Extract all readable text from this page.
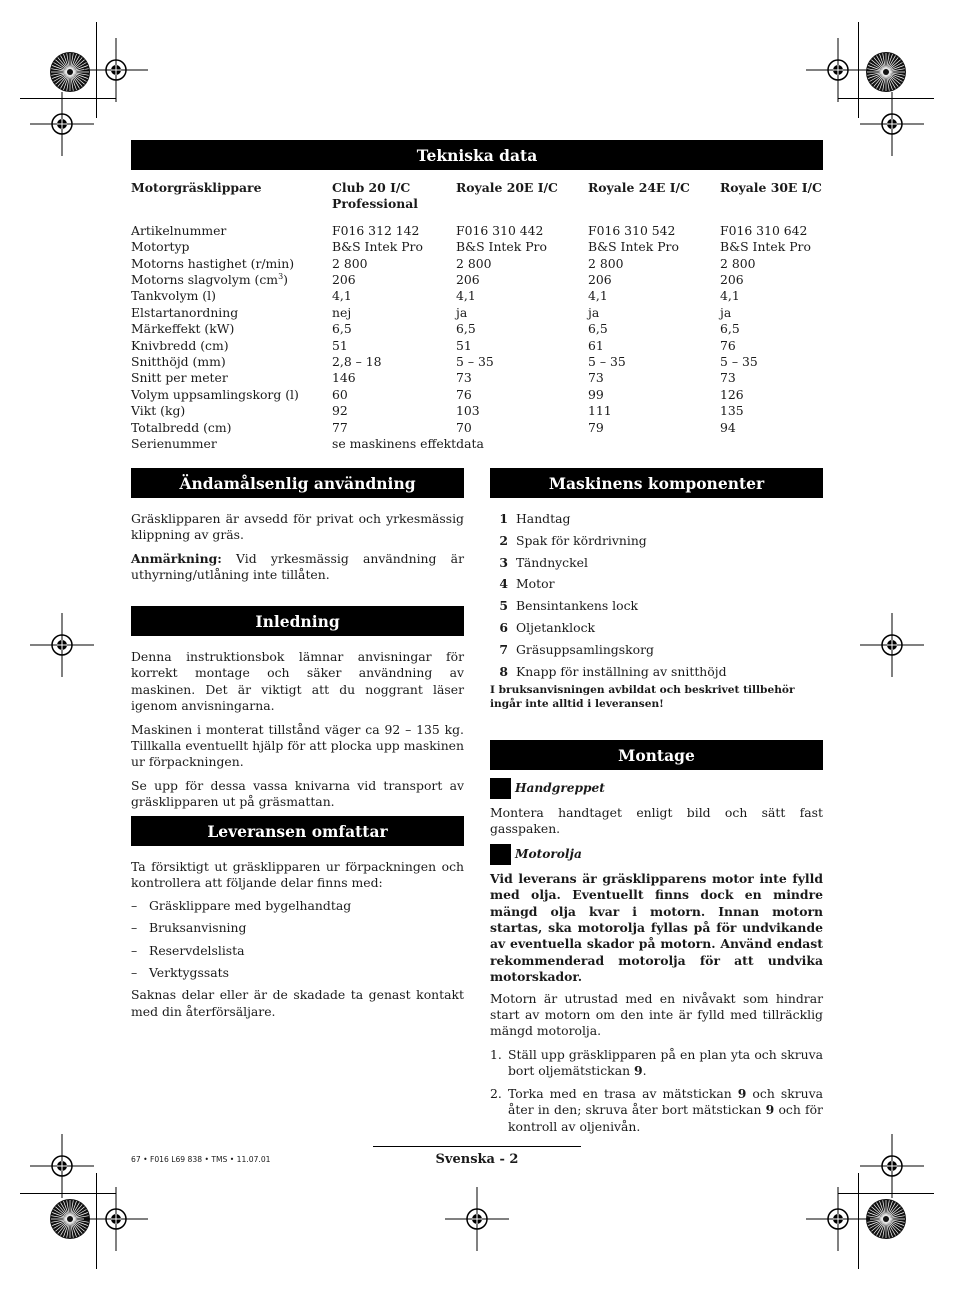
Tekniska data
Motorgräsklippare	Club 20 I/C	Royale 20E I/C	Royale 24E I/C	Royale 30E I/C
Professional
Artikelnummer	F016 312 142	F016 310 442	F016 310 542	F016 310 642
Motortyp	B&S Intek Pro	B&S Intek Pro	B&S Intek Pro	B&S Intek Pro
Motorns hastighet (r/min)	2 800	2 800	2 800	2 800
Motorns slagvolym $(cm^3)$	206	206	206	206
Tankvolym (l)	4,1	4,1	4,1	4,1
Elstartanordning	nej	ja	ja	ja
Märkeffekt (kW)	6,5	6,5	6,5	6,5
Knivbredd (cm)	51	51	61	76
Snitthöjd (mm)	2,8 – 18	5 – 35	5 – 35	5 – 35
Snitt per meter	146	73	73	73
Volym uppsamlingskorg (l)	60	76	99	126
Vikt (kg)	92	103	111	135
Totalbredd (cm)	77	70	79	94
Serienummer	se maskinens effektdata
Ändamålsenlig användning

Gräsklipparen är avsedd för privat och yrkesmässig klippning av gräs.

Anmärkning: Vid yrkesmässig användning är uthyrning/utlåning inte tillåten.

Inledning

Denna instruktionsbok lämnar anvisningar för korrekt montage och säker användning av maskinen. Det är viktigt att du noggrant läser igenom anvisningarna.

Maskinen i monterat tillstånd väger ca 92 – 135 kg. Tillkalla eventuellt hjälp för att plocka upp maskinen ur förpackningen.

Se upp för dessa vassa knivarna vid transport av gräsklipparen ut på gräsmattan.

Leveransen omfattar

Ta försiktigt ut gräsklipparen ur förpackningen och kontrollera att följande delar finns med:

– Gräsklippare med bygelhandtag
– Bruksanvisning
– Reservdelslista
– Verktygssats

Saknas delar eller är de skadade ta genast kontakt med din återförsäljare.

Maskinens komponenter
1 Handtag
2 Spak för kördrivning
3 Tändnyckel
4 Motor
5 Bensintankens lock
6 Oljetanklock
7 Gräsuppsamlingskorg
8 Knapp för inställning av snitthöjd
I bruksanvisningen avbildat och beskrivet tillbehör ingår inte alltid i leveransen!
Montage
Handgreppet

Montera handtaget enligt bild och sätt fast gasspaken.

Motorolja
Vid leverans är gräsklipparens motor inte fylld med olja. Eventuellt finns dock en mindre mängd olja kvar i motorn. Innan motorn startas, ska motorolja fyllas på för undvikande av eventuella skador på motorn. Använd endast rekommenderad motorolja för att undvika motorskador.

Motorn är utrustad med en nivåvakt som hindrar start av motorn om den inte är fylld med tillräcklig mängd motorolja.

1. Ställ upp gräsklipparen på en plan yta och skruva bort oljemätstickan 9.
2. Torka med en trasa av mätstickan 9 och skruva åter in den; skruva åter bort mätstickan 9 och för kontroll av oljenivån.
67 • F016 L69 838 • TMS • 11.07.01	Svenska - 2
